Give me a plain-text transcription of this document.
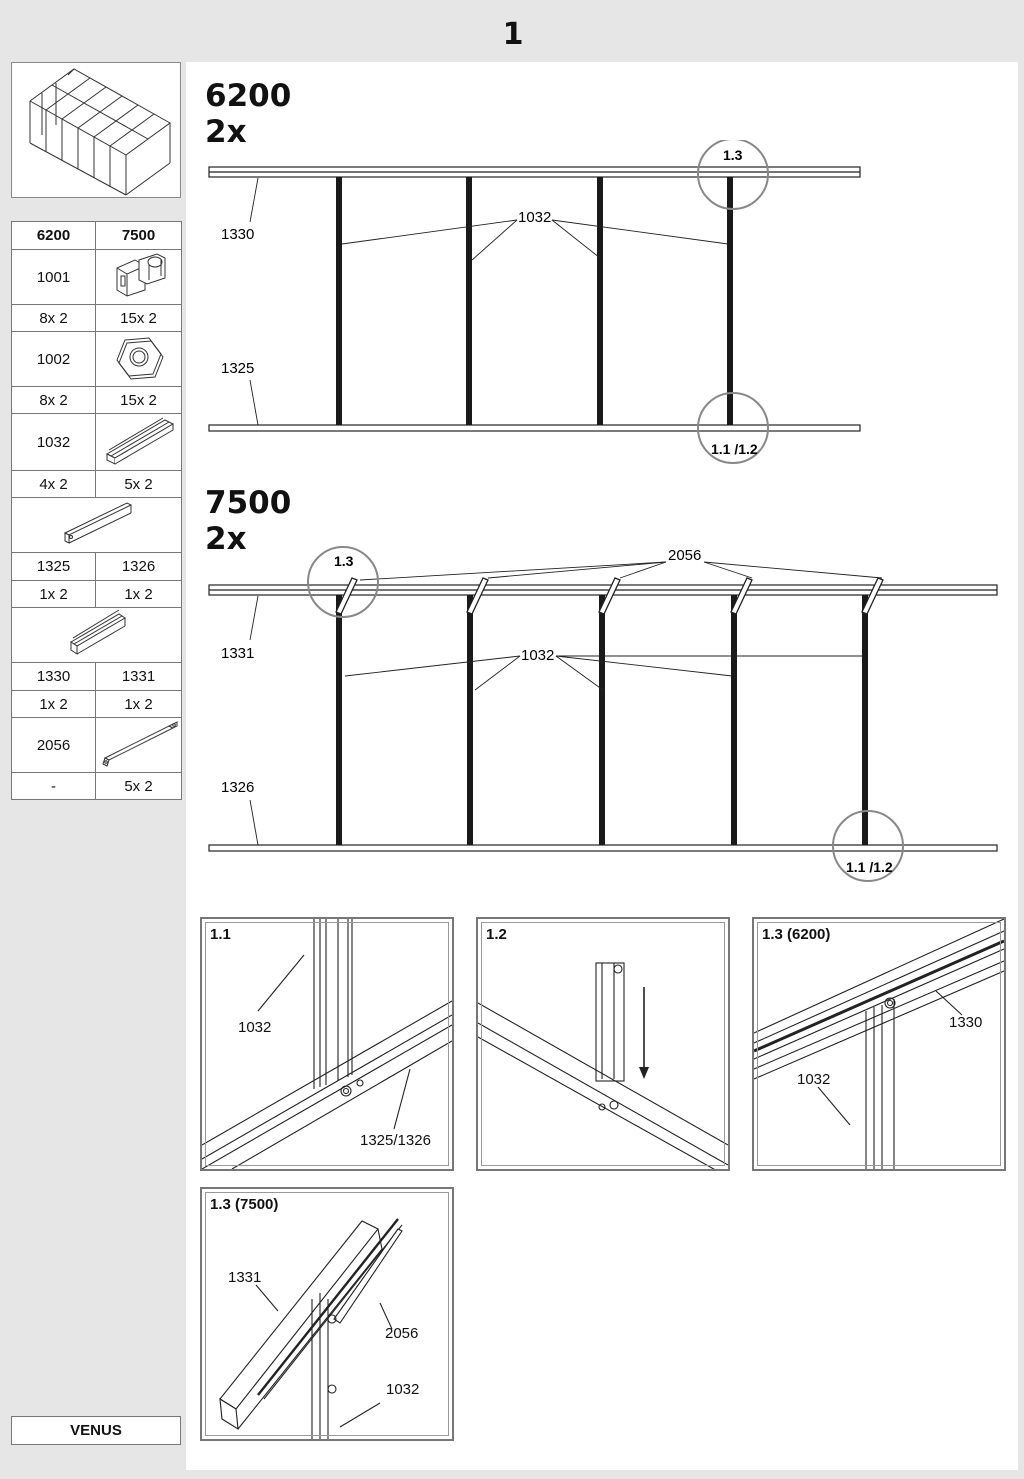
1
6200	7500
1001	
8x 2	15x 2
1002	
8x 2	15x 2
1032	
4x 2	5x 2

1325	1326
1x 2	1x 2

1330	1331
1x 2	1x 2
2056	
-	5x 2
VENUS
6200
2x
1330
1325
1032
1.3
1.1 /1.2
7500
2x
1331
1326
2056
1032
1.3
1.1 /1.2
1.1
1032
1325/1326
1.2	1.3 (6200)
1330
1032
1.3 (7500)
1331
2056
1032
